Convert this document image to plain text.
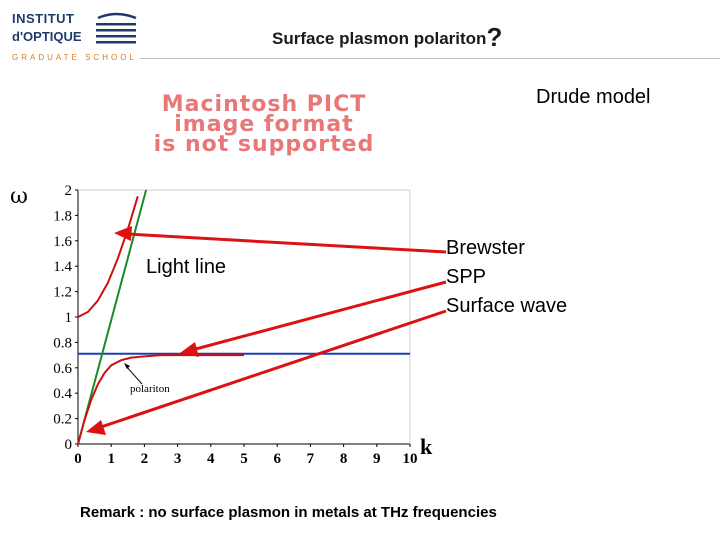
INSTITUT
d'OPTIQUE
GRADUATE SCHOOL
Surface plasmon polariton?
Drude model
Macintosh PICT
image format
is not supported
0
0.2
0.4
0.6
0.8
1
1.2
1.4
1.6
1.8
2
0 1 2 3 4 5 6 7 8 9 10
polariton
ω
k
Light line
Brewster
SPP
Surface wave
Remark : no surface plasmon in metals at THz frequencies
